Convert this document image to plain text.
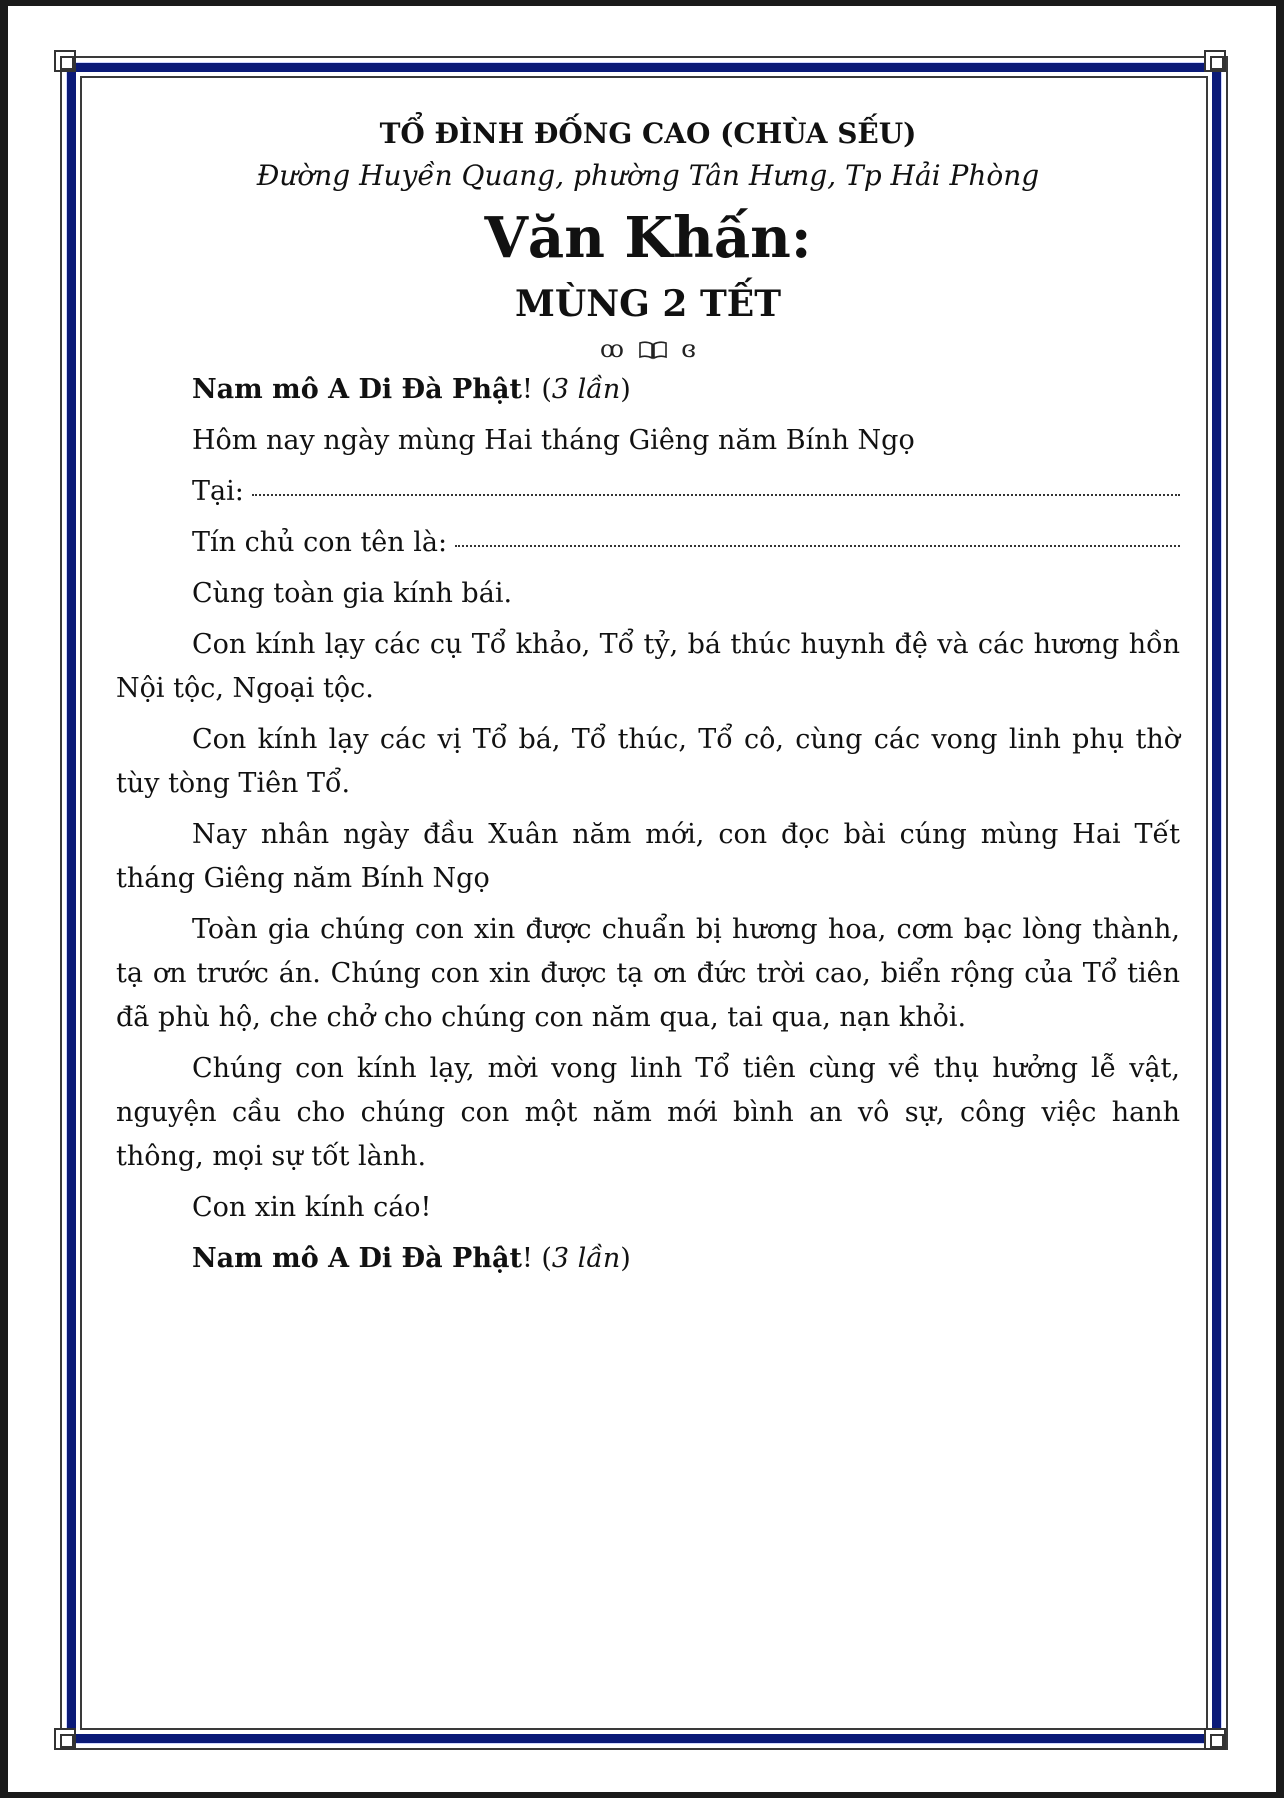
TỔ ĐÌNH ĐỐNG CAO (CHÙA SẾU)

Đường Huyền Quang, phường Tân Hưng, Tp Hải Phòng

Văn Khấn:

MÙNG 2 TẾT

ꝏ ɞ

Nam mô A Di Đà Phật! (3 lần)

Hôm nay ngày mùng Hai tháng Giêng năm Bính Ngọ

Tại:
Tín chủ con tên là:

Cùng toàn gia kính bái.

Con kính lạy các cụ Tổ khảo, Tổ tỷ, bá thúc huynh đệ và các hương hồn Nội tộc, Ngoại tộc.

Con kính lạy các vị Tổ bá, Tổ thúc, Tổ cô, cùng các vong linh phụ thờ tùy tòng Tiên Tổ.

Nay nhân ngày đầu Xuân năm mới, con đọc bài cúng mùng Hai Tết tháng Giêng năm Bính Ngọ

Toàn gia chúng con xin được chuẩn bị hương hoa, cơm bạc lòng thành, tạ ơn trước án. Chúng con xin được tạ ơn đức trời cao, biển rộng của Tổ tiên đã phù hộ, che chở cho chúng con năm qua, tai qua, nạn khỏi.

Chúng con kính lạy, mời vong linh Tổ tiên cùng về thụ hưởng lễ vật, nguyện cầu cho chúng con một năm mới bình an vô sự, công việc hanh thông, mọi sự tốt lành.

Con xin kính cáo!

Nam mô A Di Đà Phật! (3 lần)
